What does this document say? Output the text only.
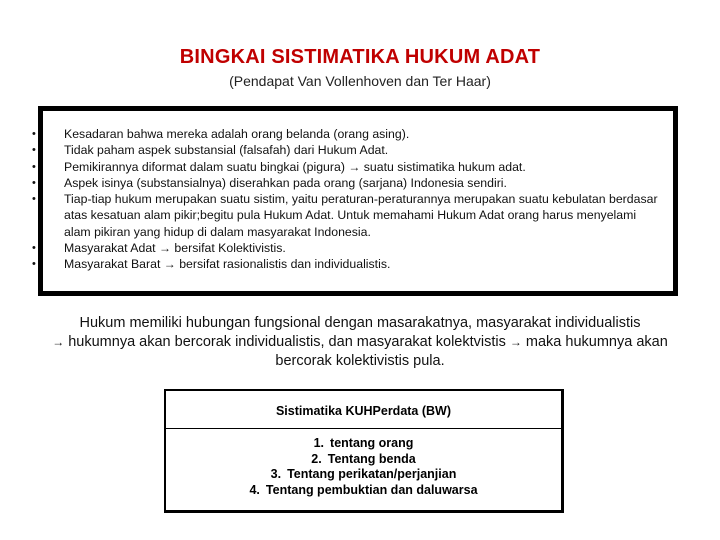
BINGKAI SISTIMATIKA HUKUM ADAT
(Pendapat Van Vollenhoven dan Ter Haar)
• Kesadaran bahwa mereka adalah orang belanda (orang asing).
• Tidak paham aspek substansial (falsafah) dari Hukum Adat.
• Pemikirannya diformat dalam suatu bingkai (pigura) → suatu sistimatika hukum adat.
• Aspek isinya (substansialnya) diserahkan pada orang (sarjana) Indonesia sendiri.
• Tiap-tiap hukum merupakan suatu sistim, yaitu peraturan-peraturannya merupakan suatu kebulatan berdasar atas kesatuan alam pikir;begitu pula Hukum Adat. Untuk memahami Hukum Adat orang harus menyelami alam pikiran yang hidup di dalam masyarakat Indonesia.
• Masyarakat Adat → bersifat Kolektivistis.
• Masyarakat Barat → bersifat rasionalistis dan individualistis.
Hukum memiliki hubungan fungsional dengan masarakatnya, masyarakat individualistis
→ hukumnya akan bercorak individualistis, dan masyarakat kolektvistis → maka hukumnya akan bercorak kolektivistis pula.
Sistimatika KUHPerdata (BW)
1. tentang orang
2. Tentang benda
3. Tentang perikatan/perjanjian
4. Tentang pembuktian dan daluwarsa
